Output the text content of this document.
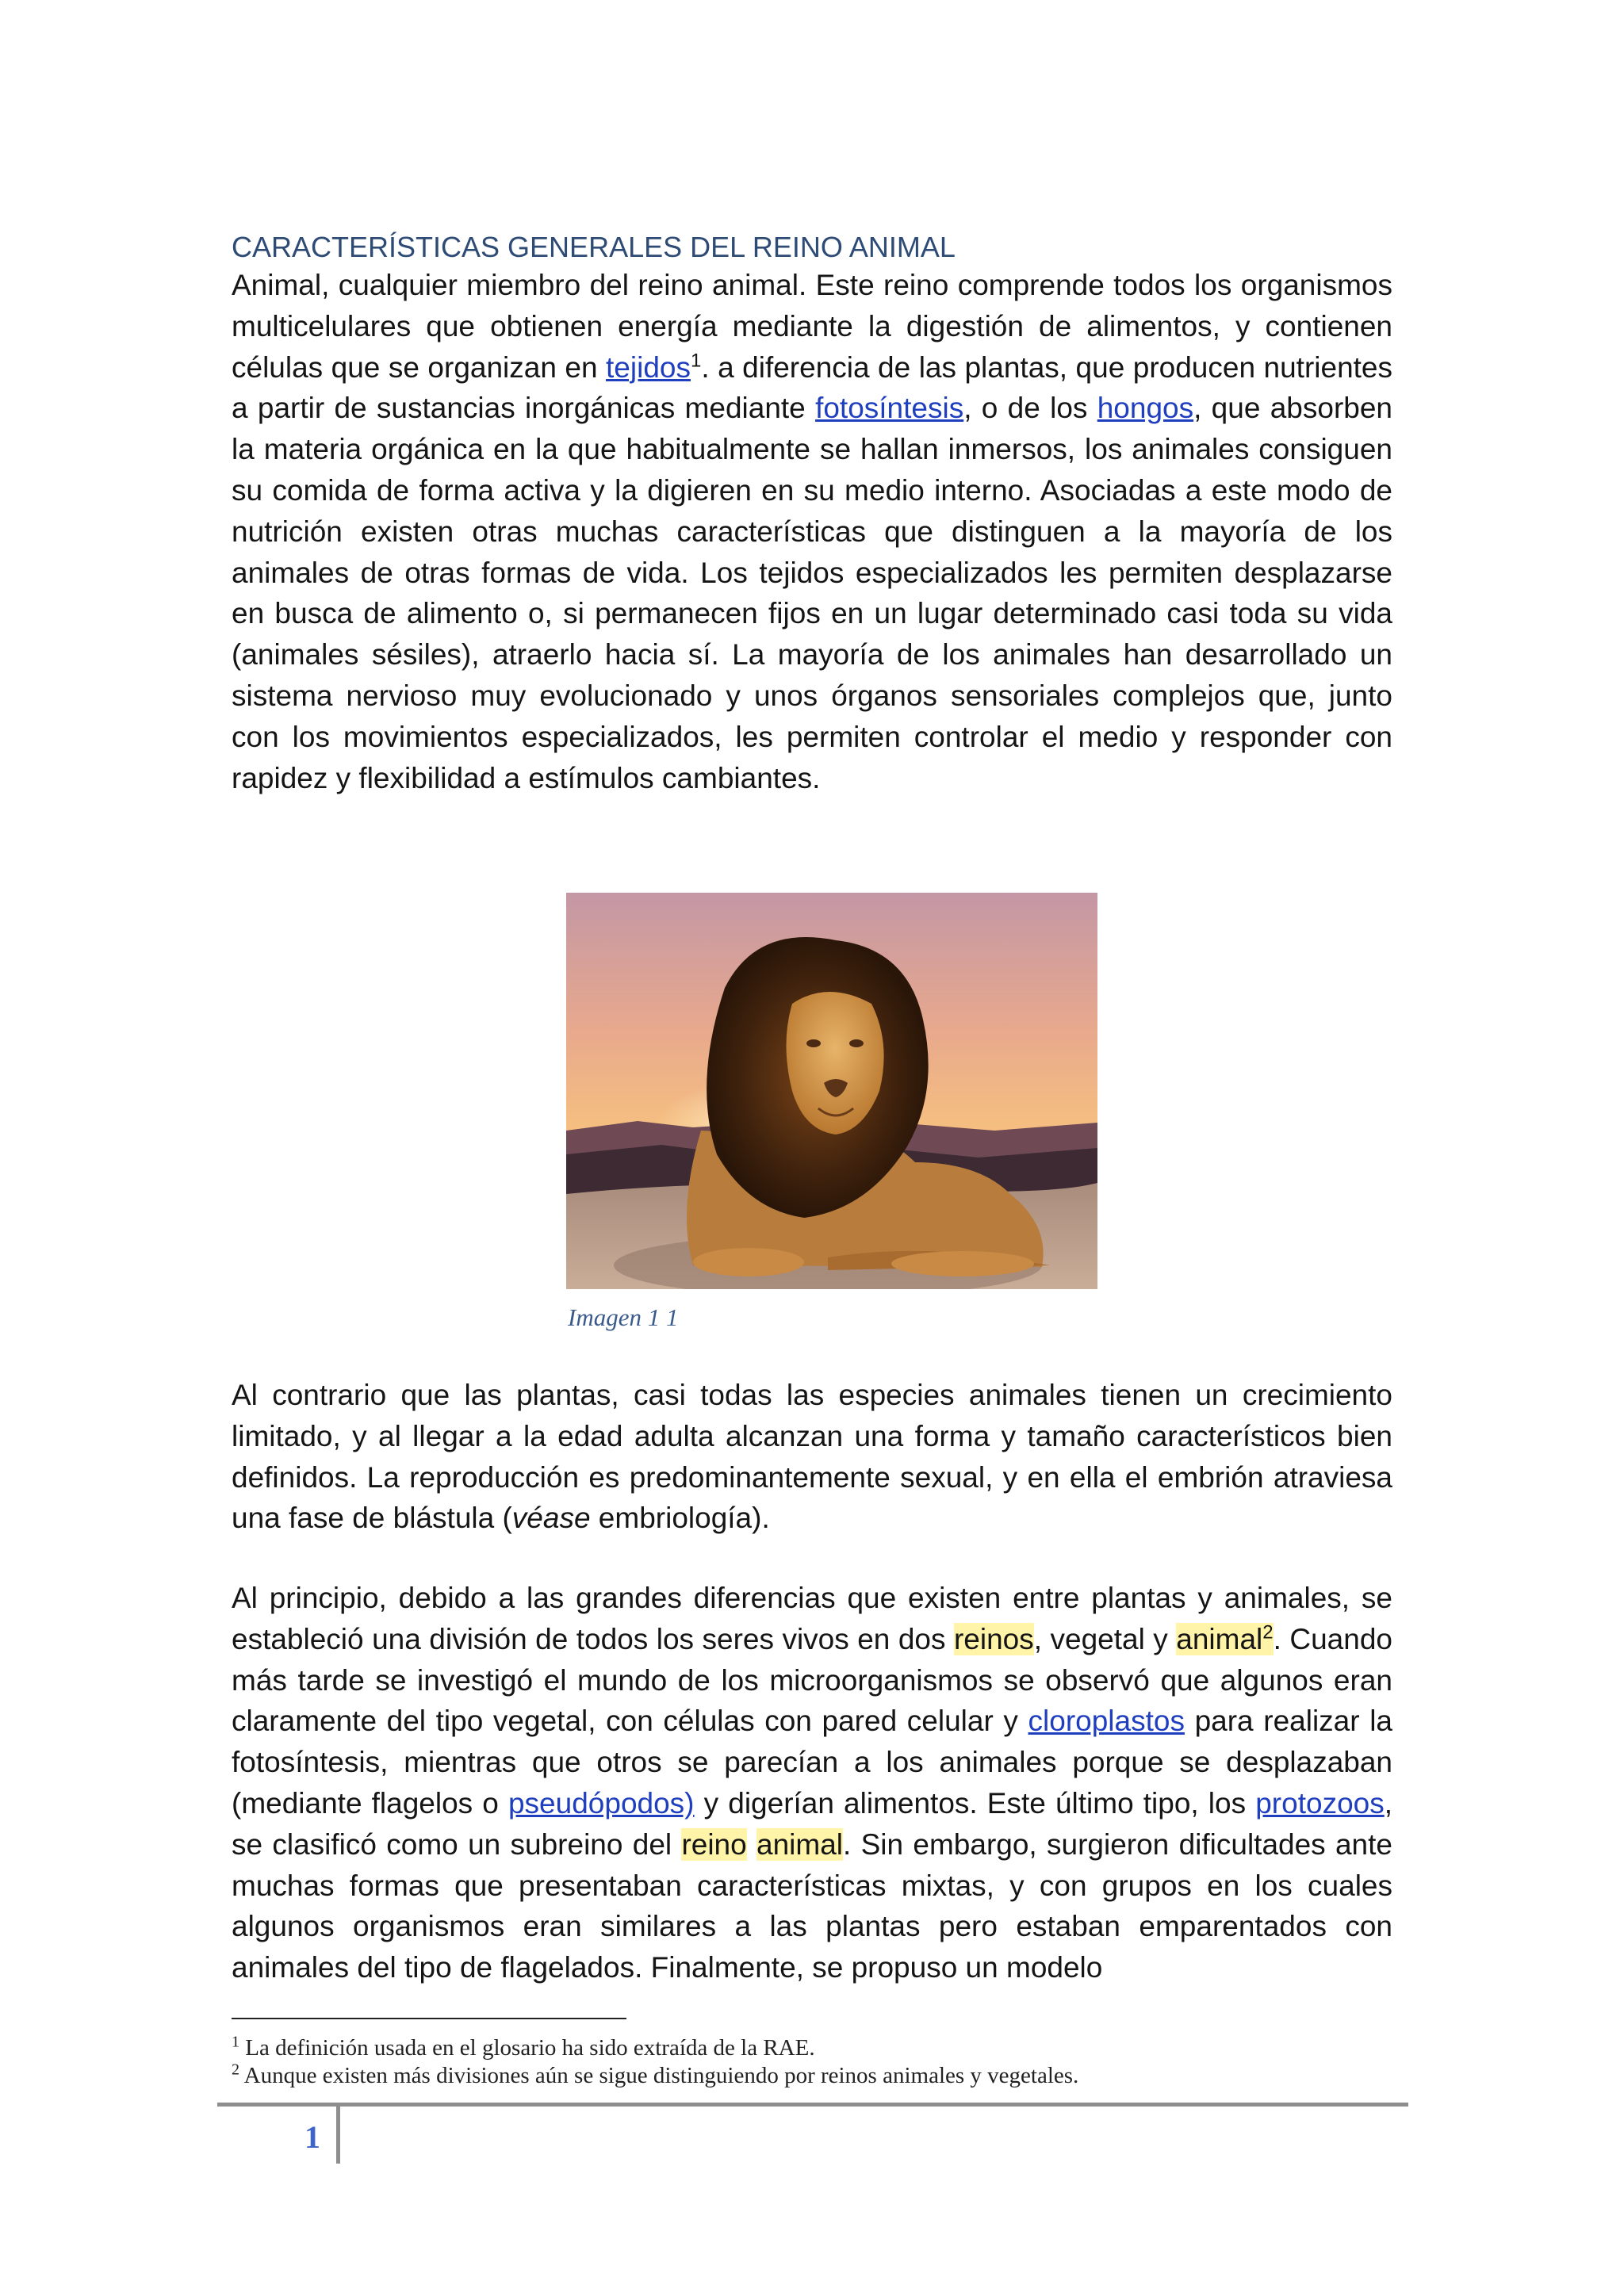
CARACTERÍSTICAS GENERALES DEL REINO ANIMAL

Animal, cualquier miembro del reino animal. Este reino comprende todos los organismos multicelulares que obtienen energía mediante la digestión de alimentos, y contienen células que se organizan en tejidos$^1$. a diferencia de las plantas, que producen nutrientes a partir de sustancias inorgánicas mediante fotosíntesis, o de los hongos, que absorben la materia orgánica en la que habitualmente se hallan inmersos, los animales consiguen su comida de forma activa y la digieren en su medio interno. Asociadas a este modo de nutrición existen otras muchas características que distinguen a la mayoría de los animales de otras formas de vida. Los tejidos especializados les permiten desplazarse en busca de alimento o, si permanecen fijos en un lugar determinado casi toda su vida (animales sésiles), atraerlo hacia sí. La mayoría de los animales han desarrollado un sistema nervioso muy evolucionado y unos órganos sensoriales complejos que, junto con los movimientos especializados, les permiten controlar el medio y responder con rapidez y flexibilidad a estímulos cambiantes.

Imagen 1 1

Al contrario que las plantas, casi todas las especies animales tienen un crecimiento limitado, y al llegar a la edad adulta alcanzan una forma y tamaño característicos bien definidos. La reproducción es predominantemente sexual, y en ella el embrión atraviesa una fase de blástula (véase embriología).

Al principio, debido a las grandes diferencias que existen entre plantas y animales, se estableció una división de todos los seres vivos en dos reinos, vegetal y animal$^2$. Cuando más tarde se investigó el mundo de los microorganismos se observó que algunos eran claramente del tipo vegetal, con células con pared celular y cloroplastos para realizar la fotosíntesis, mientras que otros se parecían a los animales porque se desplazaban (mediante flagelos o pseudópodos) y digerían alimentos. Este último tipo, los protozoos, se clasificó como un subreino del reino animal. Sin embargo, surgieron dificultades ante muchas formas que presentaban características mixtas, y con grupos en los cuales algunos organismos eran similares a las plantas pero estaban emparentados con animales del tipo de flagelados. Finalmente, se propuso un modelo

$^1$ La definición usada en el glosario ha sido extraída de la RAE.
$^2$ Aunque existen más divisiones aún se sigue distinguiendo por reinos animales y vegetales.
1
